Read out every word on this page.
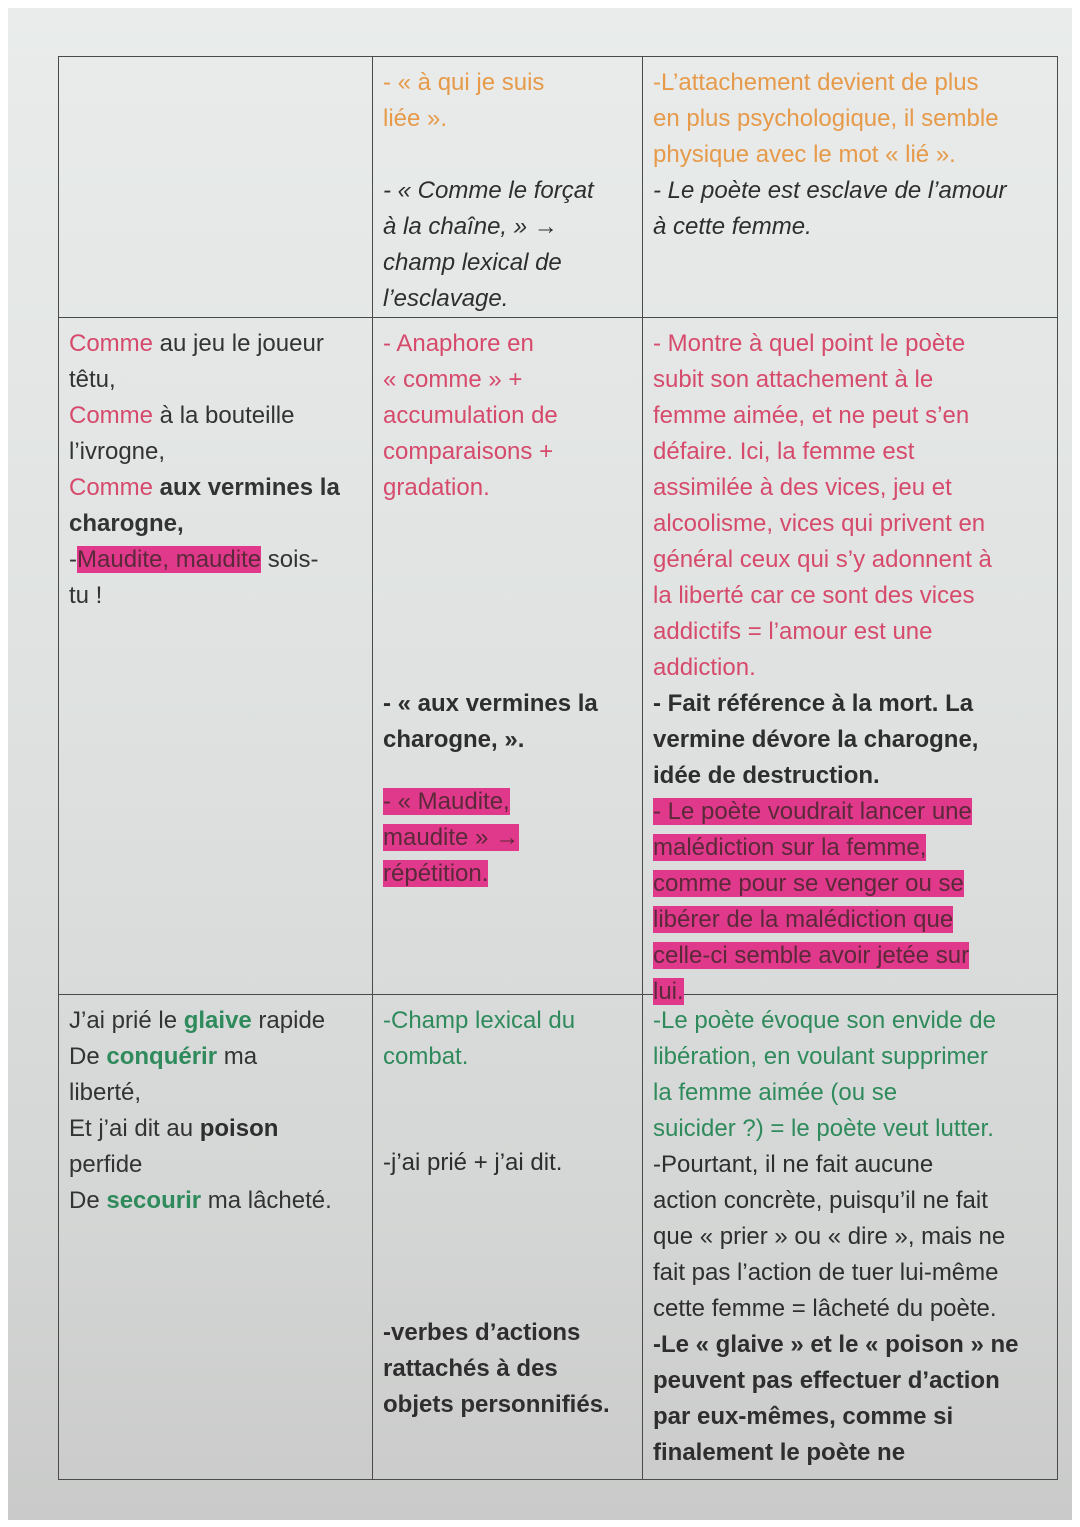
- « à qui je suis
liée ».
- « Comme le forçat
à la chaîne, » →
champ lexical de
l’esclavage.
-L’attachement devient de plus
en plus psychologique, il semble
physique avec le mot « lié ».
- Le poète est esclave de l’amour
à cette femme.
Comme au jeu le joueur
têtu,
Comme à la bouteille
l’ivrogne,
Comme aux vermines la
charogne,
-Maudite, maudite sois-
tu !
- Anaphore en
« comme » +
accumulation de
comparaisons +
gradation.
- « aux vermines la
charogne, ».
- « Maudite,
maudite » →
répétition.
- Montre à quel point le poète
subit son attachement à le
femme aimée, et ne peut s’en
défaire. Ici, la femme est
assimilée à des vices, jeu et
alcoolisme, vices qui privent en
général ceux qui s’y adonnent à
la liberté car ce sont des vices
addictifs = l’amour est une
addiction.
- Fait référence à la mort. La
vermine dévore la charogne,
idée de destruction.
- Le poète voudrait lancer une
malédiction sur la femme,
comme pour se venger ou se
libérer de la malédiction que
celle-ci semble avoir jetée sur
lui.
J’ai prié le glaive rapide
De conquérir ma
liberté,
Et j’ai dit au poison
perfide
De secourir ma lâcheté.
-Champ lexical du
combat.
-j’ai prié + j’ai dit.
-verbes d’actions
rattachés à des
objets personnifiés.
-Le poète évoque son envide de
libération, en voulant supprimer
la femme aimée (ou se
suicider ?) = le poète veut lutter.
-Pourtant, il ne fait aucune
action concrète, puisqu’il ne fait
que « prier » ou « dire », mais ne
fait pas l’action de tuer lui-même
cette femme = lâcheté du poète.
-Le « glaive » et le « poison » ne
peuvent pas effectuer d’action
par eux-mêmes, comme si
finalement le poète ne
